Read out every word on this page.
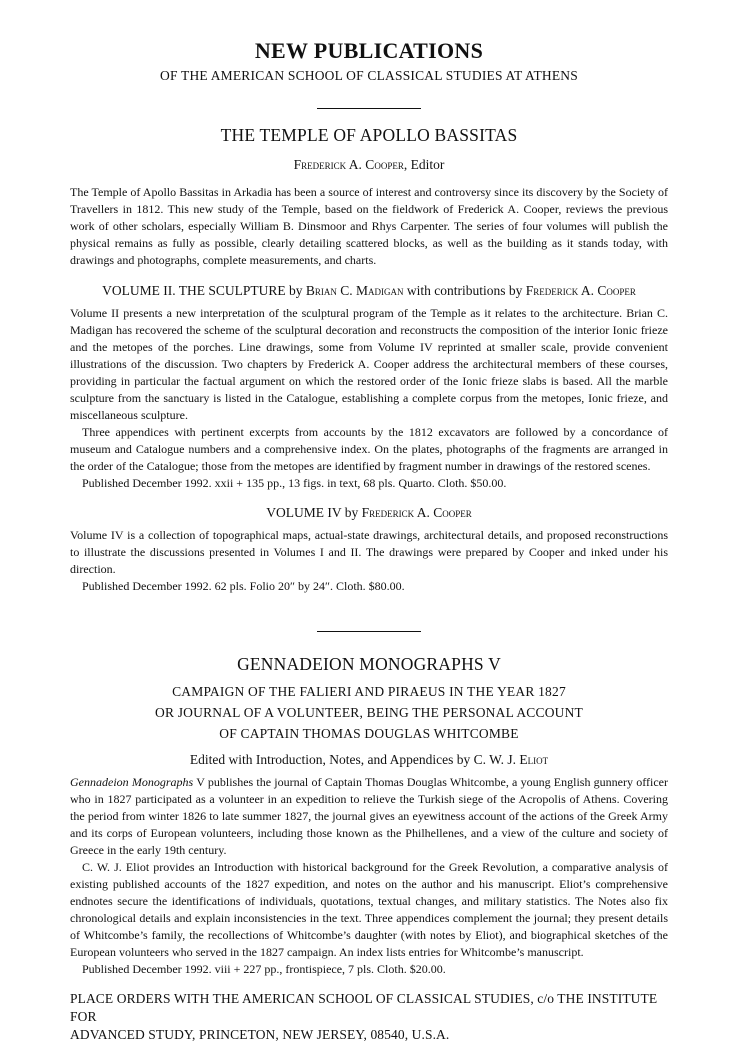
NEW PUBLICATIONS
OF THE AMERICAN SCHOOL OF CLASSICAL STUDIES AT ATHENS
THE TEMPLE OF APOLLO BASSITAS
Frederick A. Cooper, Editor

The Temple of Apollo Bassitas in Arkadia has been a source of interest and controversy since its discovery by the Society of Travellers in 1812. This new study of the Temple, based on the fieldwork of Frederick A. Cooper, reviews the previous work of other scholars, especially William B. Dinsmoor and Rhys Carpenter. The series of four volumes will publish the physical remains as fully as possible, clearly detailing scattered blocks, as well as the building as it stands today, with drawings and photographs, complete measurements, and charts.

VOLUME II. THE SCULPTURE by Brian C. Madigan with contributions by Frederick A. Cooper

Volume II presents a new interpretation of the sculptural program of the Temple as it relates to the architecture. Brian C. Madigan has recovered the scheme of the sculptural decoration and reconstructs the composition of the interior Ionic frieze and the metopes of the porches. Line drawings, some from Volume IV reprinted at smaller scale, provide convenient illustrations of the discussion. Two chapters by Frederick A. Cooper address the architectural members of these courses, providing in particular the factual argument on which the restored order of the Ionic frieze slabs is based. All the marble sculpture from the sanctuary is listed in the Catalogue, establishing a complete corpus from the metopes, Ionic frieze, and miscellaneous sculpture.

Three appendices with pertinent excerpts from accounts by the 1812 excavators are followed by a concordance of museum and Catalogue numbers and a comprehensive index. On the plates, photographs of the fragments are arranged in the order of the Catalogue; those from the metopes are identified by fragment number in drawings of the restored scenes.

Published December 1992. xxii + 135 pp., 13 figs. in text, 68 pls. Quarto. Cloth. $50.00.

VOLUME IV by Frederick A. Cooper

Volume IV is a collection of topographical maps, actual-state drawings, architectural details, and proposed reconstructions to illustrate the discussions presented in Volumes I and II. The drawings were prepared by Cooper and inked under his direction.

Published December 1992. 62 pls. Folio 20″ by 24″. Cloth. $80.00.

GENNADEION MONOGRAPHS V

CAMPAIGN OF THE FALIERI AND PIRAEUS IN THE YEAR 1827

OR JOURNAL OF A VOLUNTEER, BEING THE PERSONAL ACCOUNT

OF CAPTAIN THOMAS DOUGLAS WHITCOMBE

Edited with Introduction, Notes, and Appendices by C. W. J. Eliot

Gennadeion Monographs V publishes the journal of Captain Thomas Douglas Whitcombe, a young English gunnery officer who in 1827 participated as a volunteer in an expedition to relieve the Turkish siege of the Acropolis of Athens. Covering the period from winter 1826 to late summer 1827, the journal gives an eyewitness account of the actions of the Greek Army and its corps of European volunteers, including those known as the Philhellenes, and a view of the culture and society of Greece in the early 19th century.

C. W. J. Eliot provides an Introduction with historical background for the Greek Revolution, a comparative analysis of existing published accounts of the 1827 expedition, and notes on the author and his manuscript. Eliot’s comprehensive endnotes secure the identifications of individuals, quotations, textual changes, and military statistics. The Notes also fix chronological details and explain inconsistencies in the text. Three appendices complement the journal; they present details of Whitcombe’s family, the recollections of Whitcombe’s daughter (with notes by Eliot), and biographical sketches of the European volunteers who served in the 1827 campaign. An index lists entries for Whitcombe’s manuscript.

Published December 1992. viii + 227 pp., frontispiece, 7 pls. Cloth. $20.00.

PLACE ORDERS WITH THE AMERICAN SCHOOL OF CLASSICAL STUDIES, c/o THE INSTITUTE FOR
ADVANCED STUDY, PRINCETON, NEW JERSEY, 08540, U.S.A.
